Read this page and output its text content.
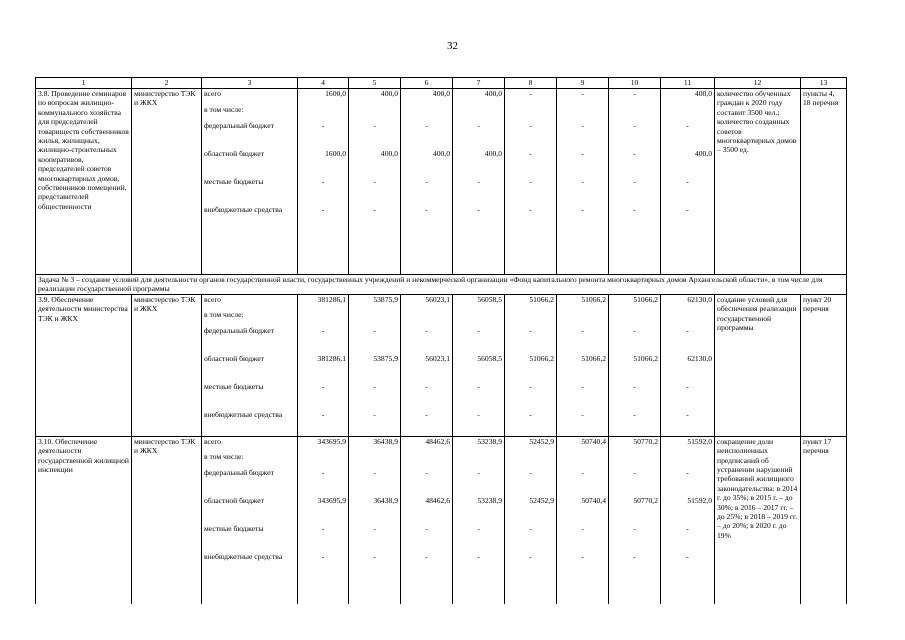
32
1	2	3	4	5	6	7	8	9	10	11	12	13
3.8. Проведение семинаров по вопросам жилищно-коммунального хозяйства для председателей товариществ собственников жилья, жилищных, жилищно-строительных кооперативов, председателей советов многоквартирных домов, собственников помещений, представителей общественности	министерство ТЭК и ЖКХ	всего	1600,0	400,0	400,0	400,0	-	-	-	400,0	количество обученных граждан к 2020 году составит 3500 чел.; количество созданных советов многоквартирных домов – 3500 ед.	пункты 4, 18 перечня
		в том числе:										
		федеральный бюджет	-	-	-	-	-	-	-	-		
		областной бюджет	1600,0	400,0	400,0	400,0	-	-	-	400,0		
		местные бюджеты	-	-	-	-	-	-	-	-		
		внебюджетные средства	-	-	-	-	-	-	-	-		
Задача № 3 – создание условий для деятельности органов государственной власти, государственных учреждений и некоммерческой организации «Фонд капитального ремонта многоквартирных домов Архангельской области», в том числе для реализации государственной программы												
3.9. Обеспечение деятельности министерства ТЭК и ЖКХ	министерство ТЭК и ЖКХ	всего	381286,1	53875,9	56023,1	56058,5	51066,2	51066,2	51066,2	62130,0	создание условий для обеспечения реализации государственной программы	пункт 20 перечня
		в том числе:										
		федеральный бюджет	-	-	-	-	-	-	-	-		
		областной бюджет	381286,1	53875,9	56023,1	56058,5	51066,2	51066,2	51066,2	62130,0		
		местные бюджеты	-	-	-	-	-	-	-	-		
		внебюджетные средства	-	-	-	-	-	-	-	-		
3.10. Обеспечение деятельности государственной жилищной инспекции	министерство ТЭК и ЖКХ	всего	343695,9	36438,9	48462,6	53238,9	52452,9	50740,4	50770,2	51592,0	сокращение доли неисполненных предписаний об устранении нарушений требований жилищного законодательства: в 2014 г. до 35%; в 2015 г. – до 30%; в 2016 – 2017 гг. – до 25%; в 2018 – 2019 гг. – до 20%; в 2020 г. до 19%	пункт 17 перечня
		в том числе:										
		федеральный бюджет	-	-	-	-	-	-	-	-		
		областной бюджет	343695,9	36438,9	48462,6	53238,9	52452,9	50740,4	50770,2	51592,0		
		местные бюджеты	-	-	-	-	-	-	-	-		
		внебюджетные средства	-	-	-	-	-	-	-	-		
